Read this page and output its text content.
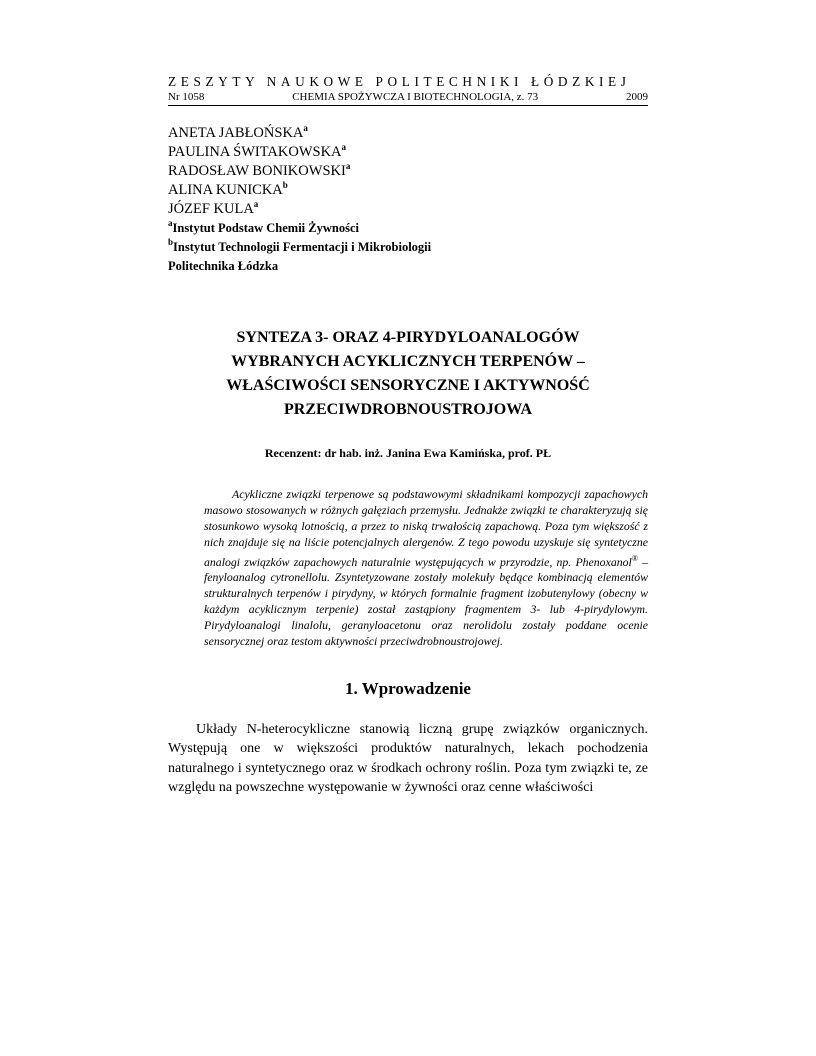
ZESZYTY NAUKOWE POLITECHNIKI ŁÓDZKIEJ
Nr 1058	CHEMIA SPOŻYWCZA I BIOTECHNOLOGIA, z. 73	2009
ANETA JABŁOŃSKA$^a$
PAULINA ŚWITAKOWSKA$^a$
RADOSŁAW BONIKOWSKI$^a$
ALINA KUNICKA$^b$
JÓZEF KULA$^a$
$^a$Instytut Podstaw Chemii Żywności
$^b$Instytut Technologii Fermentacji i Mikrobiologii
Politechnika Łódzka
SYNTEZA 3- ORAZ 4-PIRYDYLOANALOGÓW
WYBRANYCH ACYKLICZNYCH TERPENÓW –
WŁAŚCIWOŚCI SENSORYCZNE I AKTYWNOŚĆ
PRZECIWDROBNOUSTROJOWA
Recenzent: dr hab. inż. Janina Ewa Kamińska, prof. PŁ
Acykliczne związki terpenowe są podstawowymi składnikami kompozycji zapachowych masowo stosowanych w różnych gałęziach przemysłu. Jednakże związki te charakteryzują się stosunkowo wysoką lotnością, a przez to niską trwałością zapachową. Poza tym większość z nich znajduje się na liście potencjalnych alergenów. Z tego powodu uzyskuje się syntetyczne analogi związków zapachowych naturalnie występujących w przyrodzie, np. Phenoxanol® – fenyloanalog cytronellolu. Zsyntetyzowane zostały molekuły będące kombinacją elementów strukturalnych terpenów i pirydyny, w których formalnie fragment izobutenylowy (obecny w każdym acyklicznym terpenie) został zastąpiony fragmentem 3- lub 4-pirydylowym. Pirydyloanalogi linalolu, geranyloacetonu oraz nerolidolu zostały poddane ocenie sensorycznej oraz testom aktywności przeciwdrobnoustrojowej.
1. Wprowadzenie
Układy N-heterocykliczne stanowią liczną grupę związków organicznych. Występują one w większości produktów naturalnych, lekach pochodzenia naturalnego i syntetycznego oraz w środkach ochrony roślin. Poza tym związki te, ze względu na powszechne występowanie w żywności oraz cenne właściwości
